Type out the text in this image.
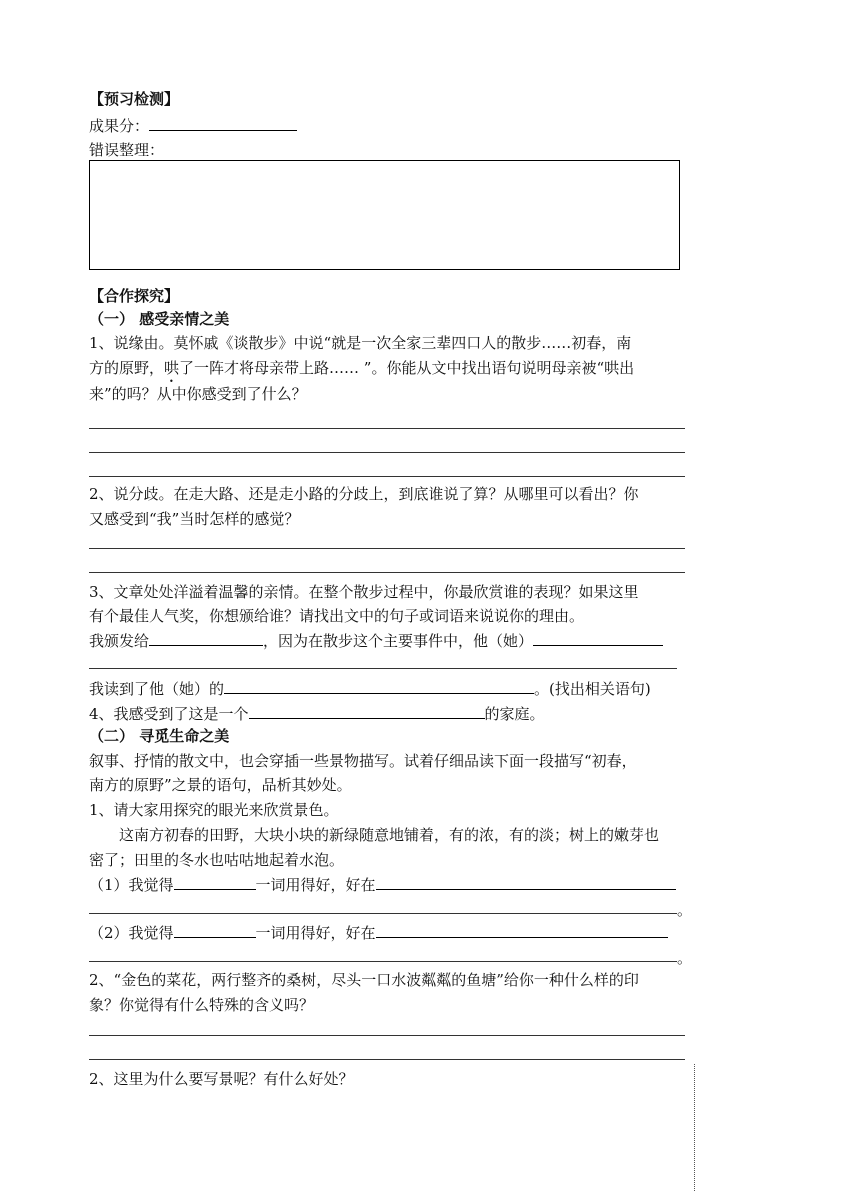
【预习检测】
成果分：
错误整理：
【合作探究】
（一） 感受亲情之美
1、说缘由。莫怀戚《谈散步》中说“就是一次全家三辈四口人的散步……初春，南
方的原野，哄了一阵才将母亲带上路…… ”。你能从文中找出语句说明母亲被“哄出
来”的吗？从中你感受到了什么？
2、说分歧。在走大路、还是走小路的分歧上，到底谁说了算？从哪里可以看出？你
又感受到“我”当时怎样的感觉？
3、文章处处洋溢着温馨的亲情。在整个散步过程中，你最欣赏谁的表现？如果这里
有个最佳人气奖，你想颁给谁？请找出文中的句子或词语来说说你的理由。
我颁发给	，因为在散步这个主要事件中，他（她）
我读到了他（她）的	。(找出相关语句)
4、我感受到了这是一个	的家庭。
（二） 寻觅生命之美
叙事、抒情的散文中，也会穿插一些景物描写。试着仔细品读下面一段描写“初春，
南方的原野”之景的语句，品析其妙处。
1、请大家用探究的眼光来欣赏景色。
这南方初春的田野，大块小块的新绿随意地铺着，有的浓，有的淡；树上的嫩芽也
密了；田里的冬水也咕咕地起着水泡。
（1）我觉得	一词用得好，好在
。
（2）我觉得	一词用得好，好在
。
2、“金色的菜花，两行整齐的桑树，尽头一口水波粼粼的鱼塘”给你一种什么样的印
象？你觉得有什么特殊的含义吗？
2、这里为什么要写景呢？有什么好处？
